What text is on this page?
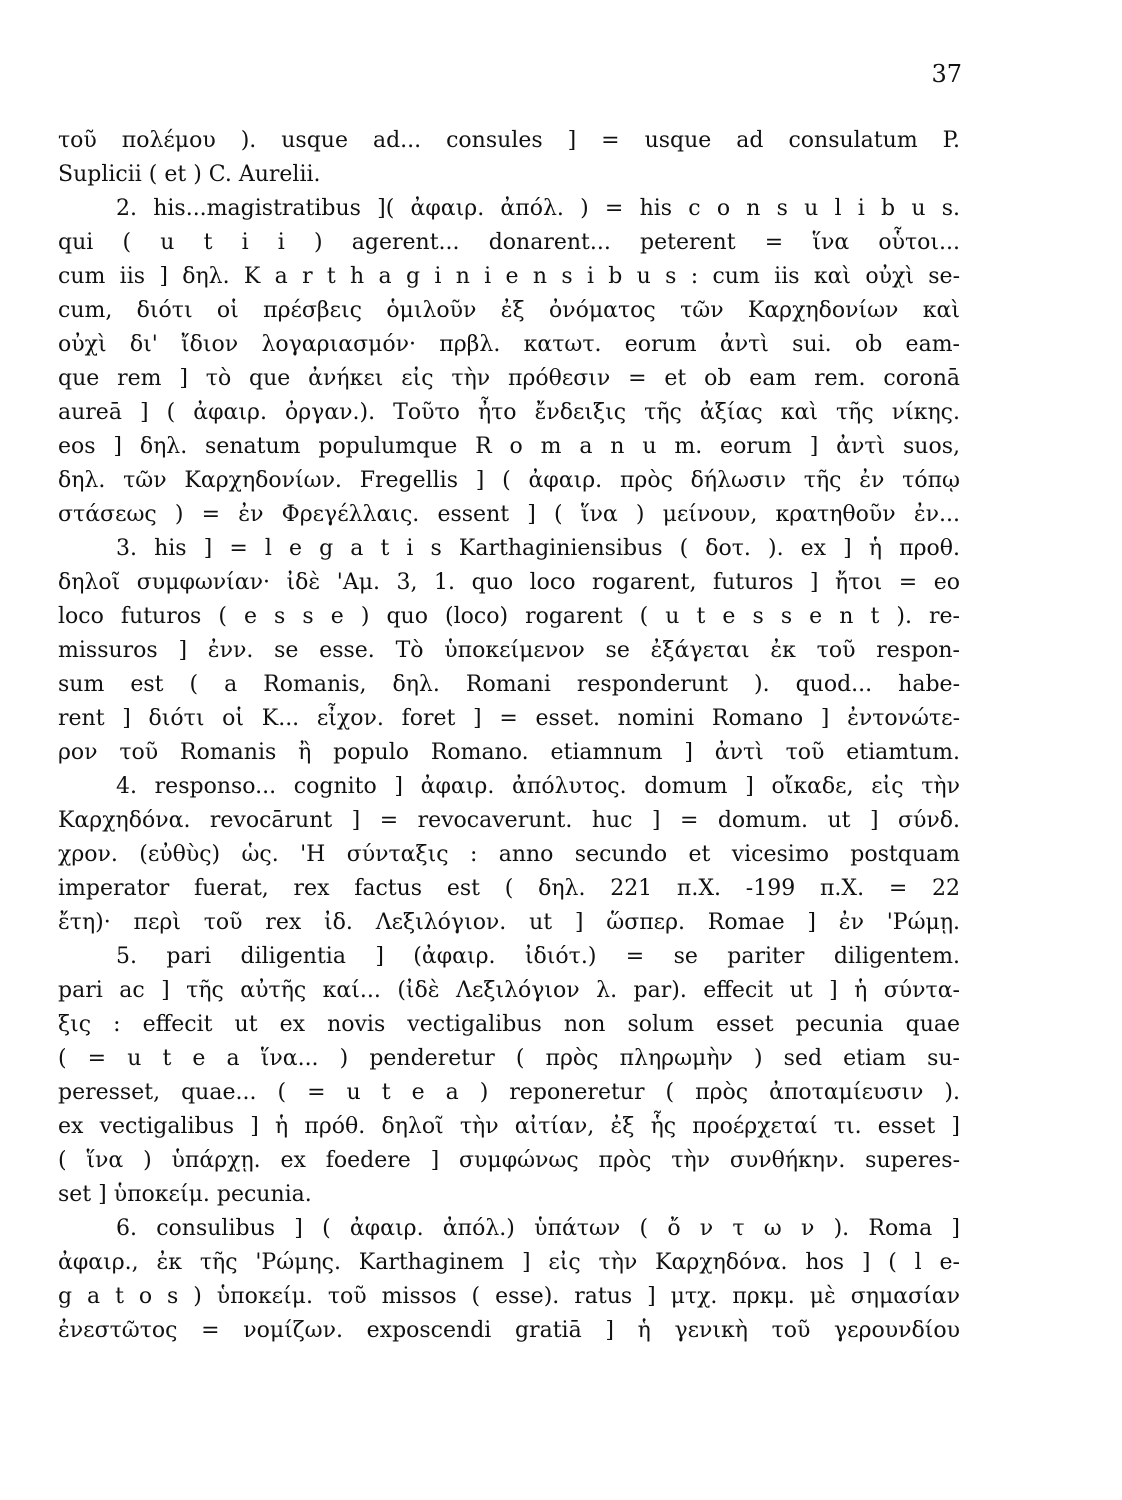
37
τοῦ πολέμου ). usque ad... consules ] = usque ad consulatum P.
Suplicii ( et ) C. Aurelii.
2. his...magistratibus ]( ἀφαιρ. ἀπόλ. ) = his c o n s u l i b u s.
qui ( u t i i ) agerent... donarent... peterent = ἵνα οὗτοι...
cum iis ] δηλ. K a r t h a g i n i e n s i b u s : cum iis καὶ οὐχὶ se-
cum, διότι οἱ πρέσβεις ὁμιλοῦν ἐξ ὀνόματος τῶν Καρχηδονίων καὶ
οὐχὶ δι' ἴδιον λογαριασμόν· πρβλ. κατωτ. eorum ἀντὶ sui. ob eam-
que rem ] τὸ que ἀνήκει εἰς τὴν πρόθεσιν = et ob eam rem. coronā
aureā ] ( ἀφαιρ. ὀργαν.). Τοῦτο ἦτο ἔνδειξις τῆς ἀξίας καὶ τῆς νίκης.
eos ] δηλ. senatum populumque R o m a n u m. eorum ] ἀντὶ suos,
δηλ. τῶν Καρχηδονίων. Fregellis ] ( ἀφαιρ. πρὸς δήλωσιν τῆς ἐν τόπῳ
στάσεως ) = ἐν Φρεγέλλαις. essent ] ( ἵνα ) μείνουν, κρατηθοῦν ἐν...
3. his ] = l e g a t i s Karthaginiensibus ( δοτ. ). ex ] ἡ προθ.
δηλοῖ συμφωνίαν· ἰδὲ 'Αμ. 3, 1. quo loco rogarent, futuros ] ἤτοι = eo
loco futuros ( e s s e ) quo (loco) rogarent ( u t e s s e n t ). re-
missuros ] ἐνν. se esse. Τὸ ὑποκείμενον se ἐξάγεται ἐκ τοῦ respon-
sum est ( a Romanis, δηλ. Romani responderunt ). quod... habe-
rent ] διότι οἱ Κ... εἶχον. foret ] = esset. nomini Romano ] ἐντονώτε-
ρον τοῦ Romanis ἢ populo Romano. etiamnum ] ἀντὶ τοῦ etiamtum.
4. responso... cognito ] ἀφαιρ. ἀπόλυτος. domum ] οἴκαδε, εἰς τὴν
Καρχηδόνα. revocārunt ] = revocaverunt. huc ] = domum. ut ] σύνδ.
χρον. (εὐθὺς) ὡς. 'Η σύνταξις : anno secundo et vicesimo postquam
imperator fuerat, rex factus est ( δηλ. 221 π.Χ. -199 π.Χ. = 22
ἔτη)· περὶ τοῦ rex ἰδ. Λεξιλόγιον. ut ] ὥσπερ. Romae ] ἐν 'Ρώμῃ.
5. pari diligentia ] (ἀφαιρ. ἰδιότ.) = se pariter diligentem.
pari ac ] τῆς αὐτῆς καί... (ἰδὲ Λεξιλόγιον λ. par). effecit ut ] ἡ σύντα-
ξις : effecit ut ex novis vectigalibus non solum esset pecunia quae
( = u t e a ἵνα... ) penderetur ( πρὸς πληρωμὴν ) sed etiam su-
peresset, quae... ( = u t e a ) reponeretur ( πρὸς ἀποταμίευσιν ).
ex vectigalibus ] ἡ πρόθ. δηλοῖ τὴν αἰτίαν, ἐξ ἧς προέρχεταί τι. esset ]
( ἵνα ) ὑπάρχῃ. ex foedere ] συμφώνως πρὸς τὴν συνθήκην. superes-
set ] ὑποκείμ. pecunia.
6. consulibus ] ( ἀφαιρ. ἀπόλ.) ὑπάτων ( ὄ ν τ ω ν ). Roma ]
ἀφαιρ., ἐκ τῆς 'Ρώμης. Karthaginem ] εἰς τὴν Καρχηδόνα. hos ] ( l e-
g a t o s ) ὑποκείμ. τοῦ missos ( esse). ratus ] μτχ. πρκμ. μὲ σημασίαν
ἐνεστῶτος = νομίζων. exposcendi gratiā ] ἡ γενικὴ τοῦ γερουνδίου
